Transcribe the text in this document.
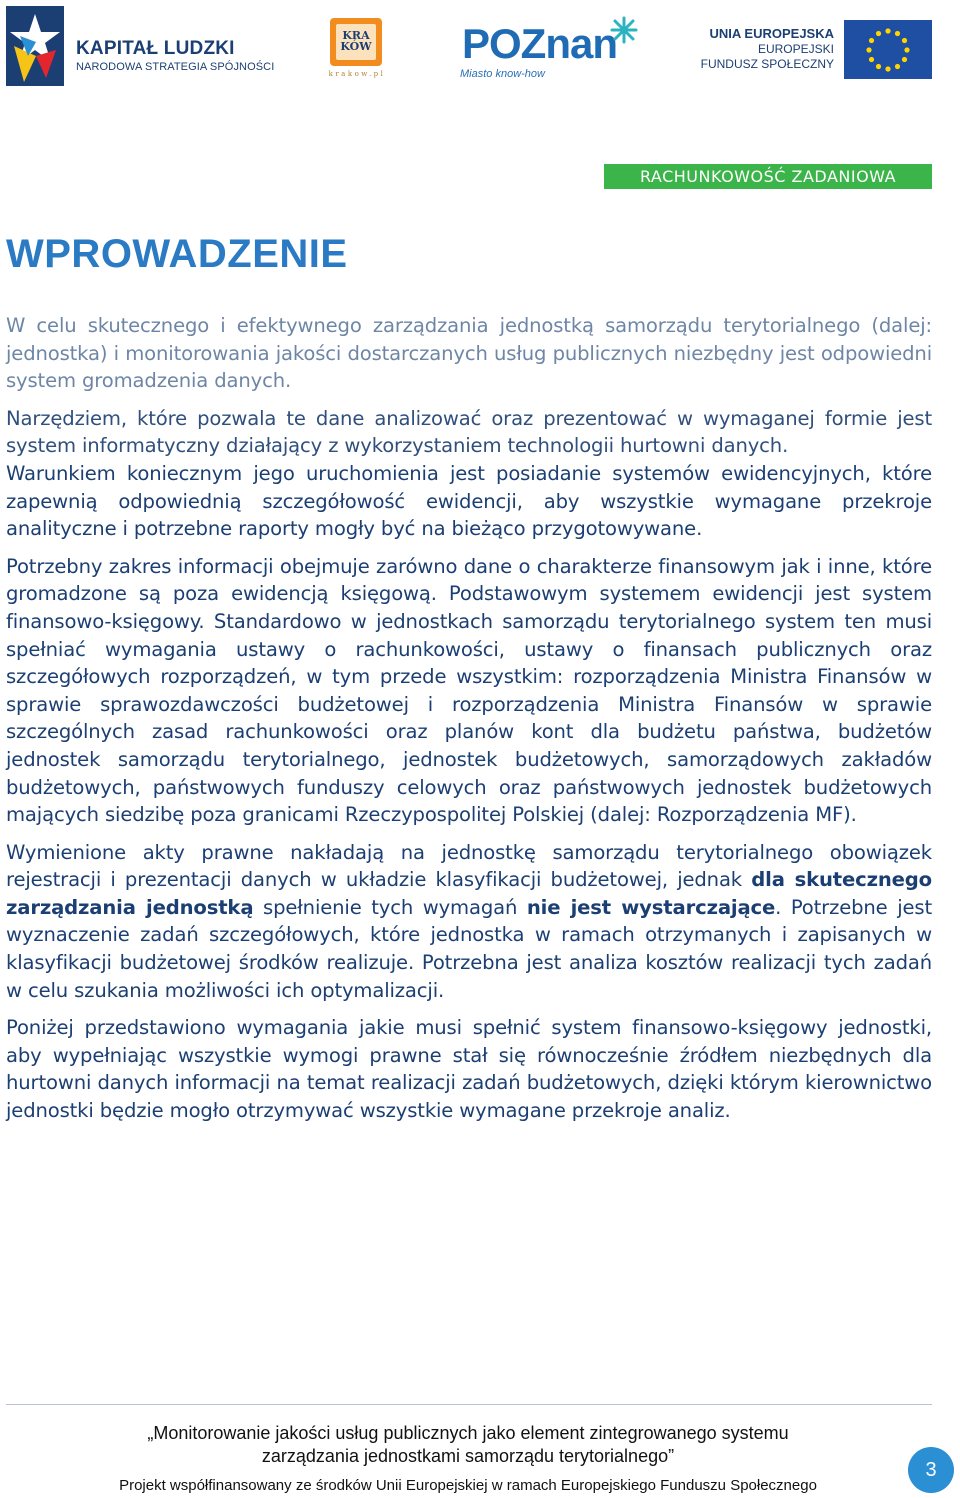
KAPITAŁ LUDZKI
NARODOWA STRATEGIA SPÓJNOŚCI
KRA KÓW
krakow.pl
POZnan
Miasto know-how
UNIA EUROPEJSKA
EUROPEJSKI
FUNDUSZ SPOŁECZNY
RACHUNKOWOŚĆ ZADANIOWA
WPROWADZENIE

W celu skutecznego i efektywnego zarządzania jednostką samorządu terytorialnego (dalej: jednostka) i monitorowania jakości dostarczanych usług publicznych niezbędny jest odpowiedni system gromadzenia danych.

Narzędziem, które pozwala te dane analizować oraz prezentować w wymaganej formie jest system informatyczny działający z wykorzystaniem technologii hurtowni danych.

Warunkiem koniecznym jego uruchomienia jest posiadanie systemów ewidencyjnych, które zapewnią odpowiednią szczegółowość ewidencji, aby wszystkie wymagane przekroje analityczne i potrzebne raporty mogły być na bieżąco przygotowywane.

Potrzebny zakres informacji obejmuje zarówno dane o charakterze finansowym jak i inne, które gromadzone są poza ewidencją księgową. Podstawowym systemem ewidencji jest system finansowo-księgowy. Standardowo w jednostkach samorządu terytorialnego system ten musi spełniać wymagania ustawy o rachunkowości, ustawy o finansach publicznych oraz szczegółowych rozporządzeń, w tym przede wszystkim: rozporządzenia Ministra Finansów w sprawie sprawozdawczości budżetowej i rozporządzenia Ministra Finansów w sprawie szczególnych zasad rachunkowości oraz planów kont dla budżetu państwa, budżetów jednostek samorządu terytorialnego, jednostek budżetowych, samorządowych zakładów budżetowych, państwowych funduszy celowych oraz państwowych jednostek budżetowych mających siedzibę poza granicami Rzeczypospolitej Polskiej (dalej: Rozporządzenia MF).

Wymienione akty prawne nakładają na jednostkę samorządu terytorialnego obowiązek rejestracji i prezentacji danych w układzie klasyfikacji budżetowej, jednak dla skutecznego zarządzania jednostką spełnienie tych wymagań nie jest wystarczające. Potrzebne jest wyznaczenie zadań szczegółowych, które jednostka w ramach otrzymanych i zapisanych w klasyfikacji budżetowej środków realizuje. Potrzebna jest analiza kosztów realizacji tych zadań w celu szukania możliwości ich optymalizacji.

Poniżej przedstawiono wymagania jakie musi spełnić system finansowo-księgowy jednostki, aby wypełniając wszystkie wymogi prawne stał się równocześnie źródłem niezbędnych dla hurtowni danych informacji na temat realizacji zadań budżetowych, dzięki którym kierownictwo jednostki będzie mogło otrzymywać wszystkie wymagane przekroje analiz.

„Monitorowanie jakości usług publicznych jako element zintegrowanego systemu
zarządzania jednostkami samorządu terytorialnego”
Projekt współfinansowany ze środków Unii Europejskiej w ramach Europejskiego Funduszu Społecznego
3
